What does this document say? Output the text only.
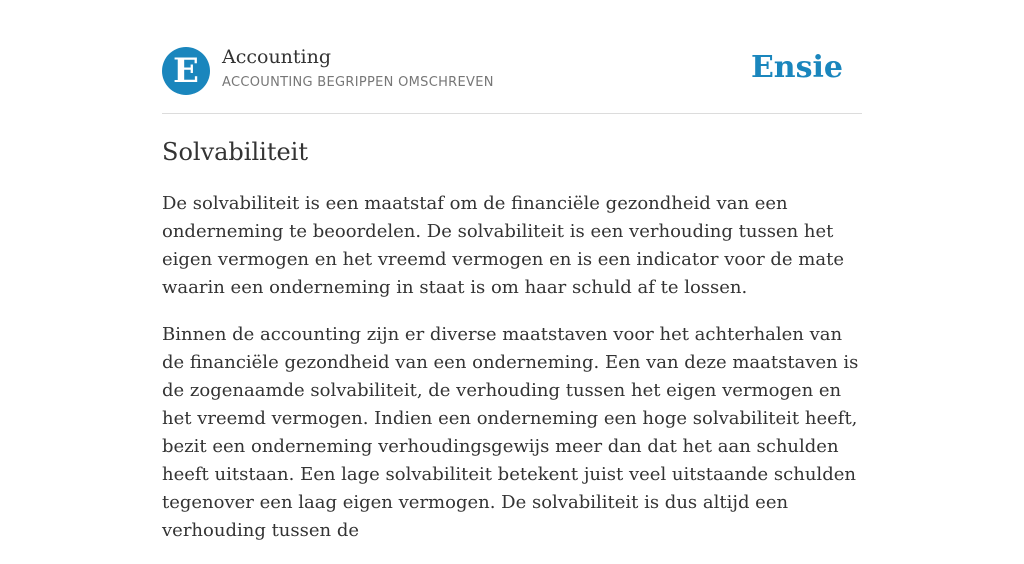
E	Accounting
ACCOUNTING BEGRIPPEN OMSCHREVEN	Ensie
Solvabiliteit

De solvabiliteit is een maatstaf om de financiële gezondheid van een onderneming te beoordelen. De solvabiliteit is een verhouding tussen het eigen vermogen en het vreemd vermogen en is een indicator voor de mate waarin een onderneming in staat is om haar schuld af te lossen.

Binnen de accounting zijn er diverse maatstaven voor het achterhalen van de financiële gezondheid van een onderneming. Een van deze maatstaven is de zogenaamde solvabiliteit, de verhouding tussen het eigen vermogen en het vreemd vermogen. Indien een onderneming een hoge solvabiliteit heeft, bezit een onderneming verhoudingsgewijs meer dan dat het aan schulden heeft uitstaan. Een lage solvabiliteit betekent juist veel uitstaande schulden tegenover een laag eigen vermogen. De solvabiliteit is dus altijd een verhouding tussen de
